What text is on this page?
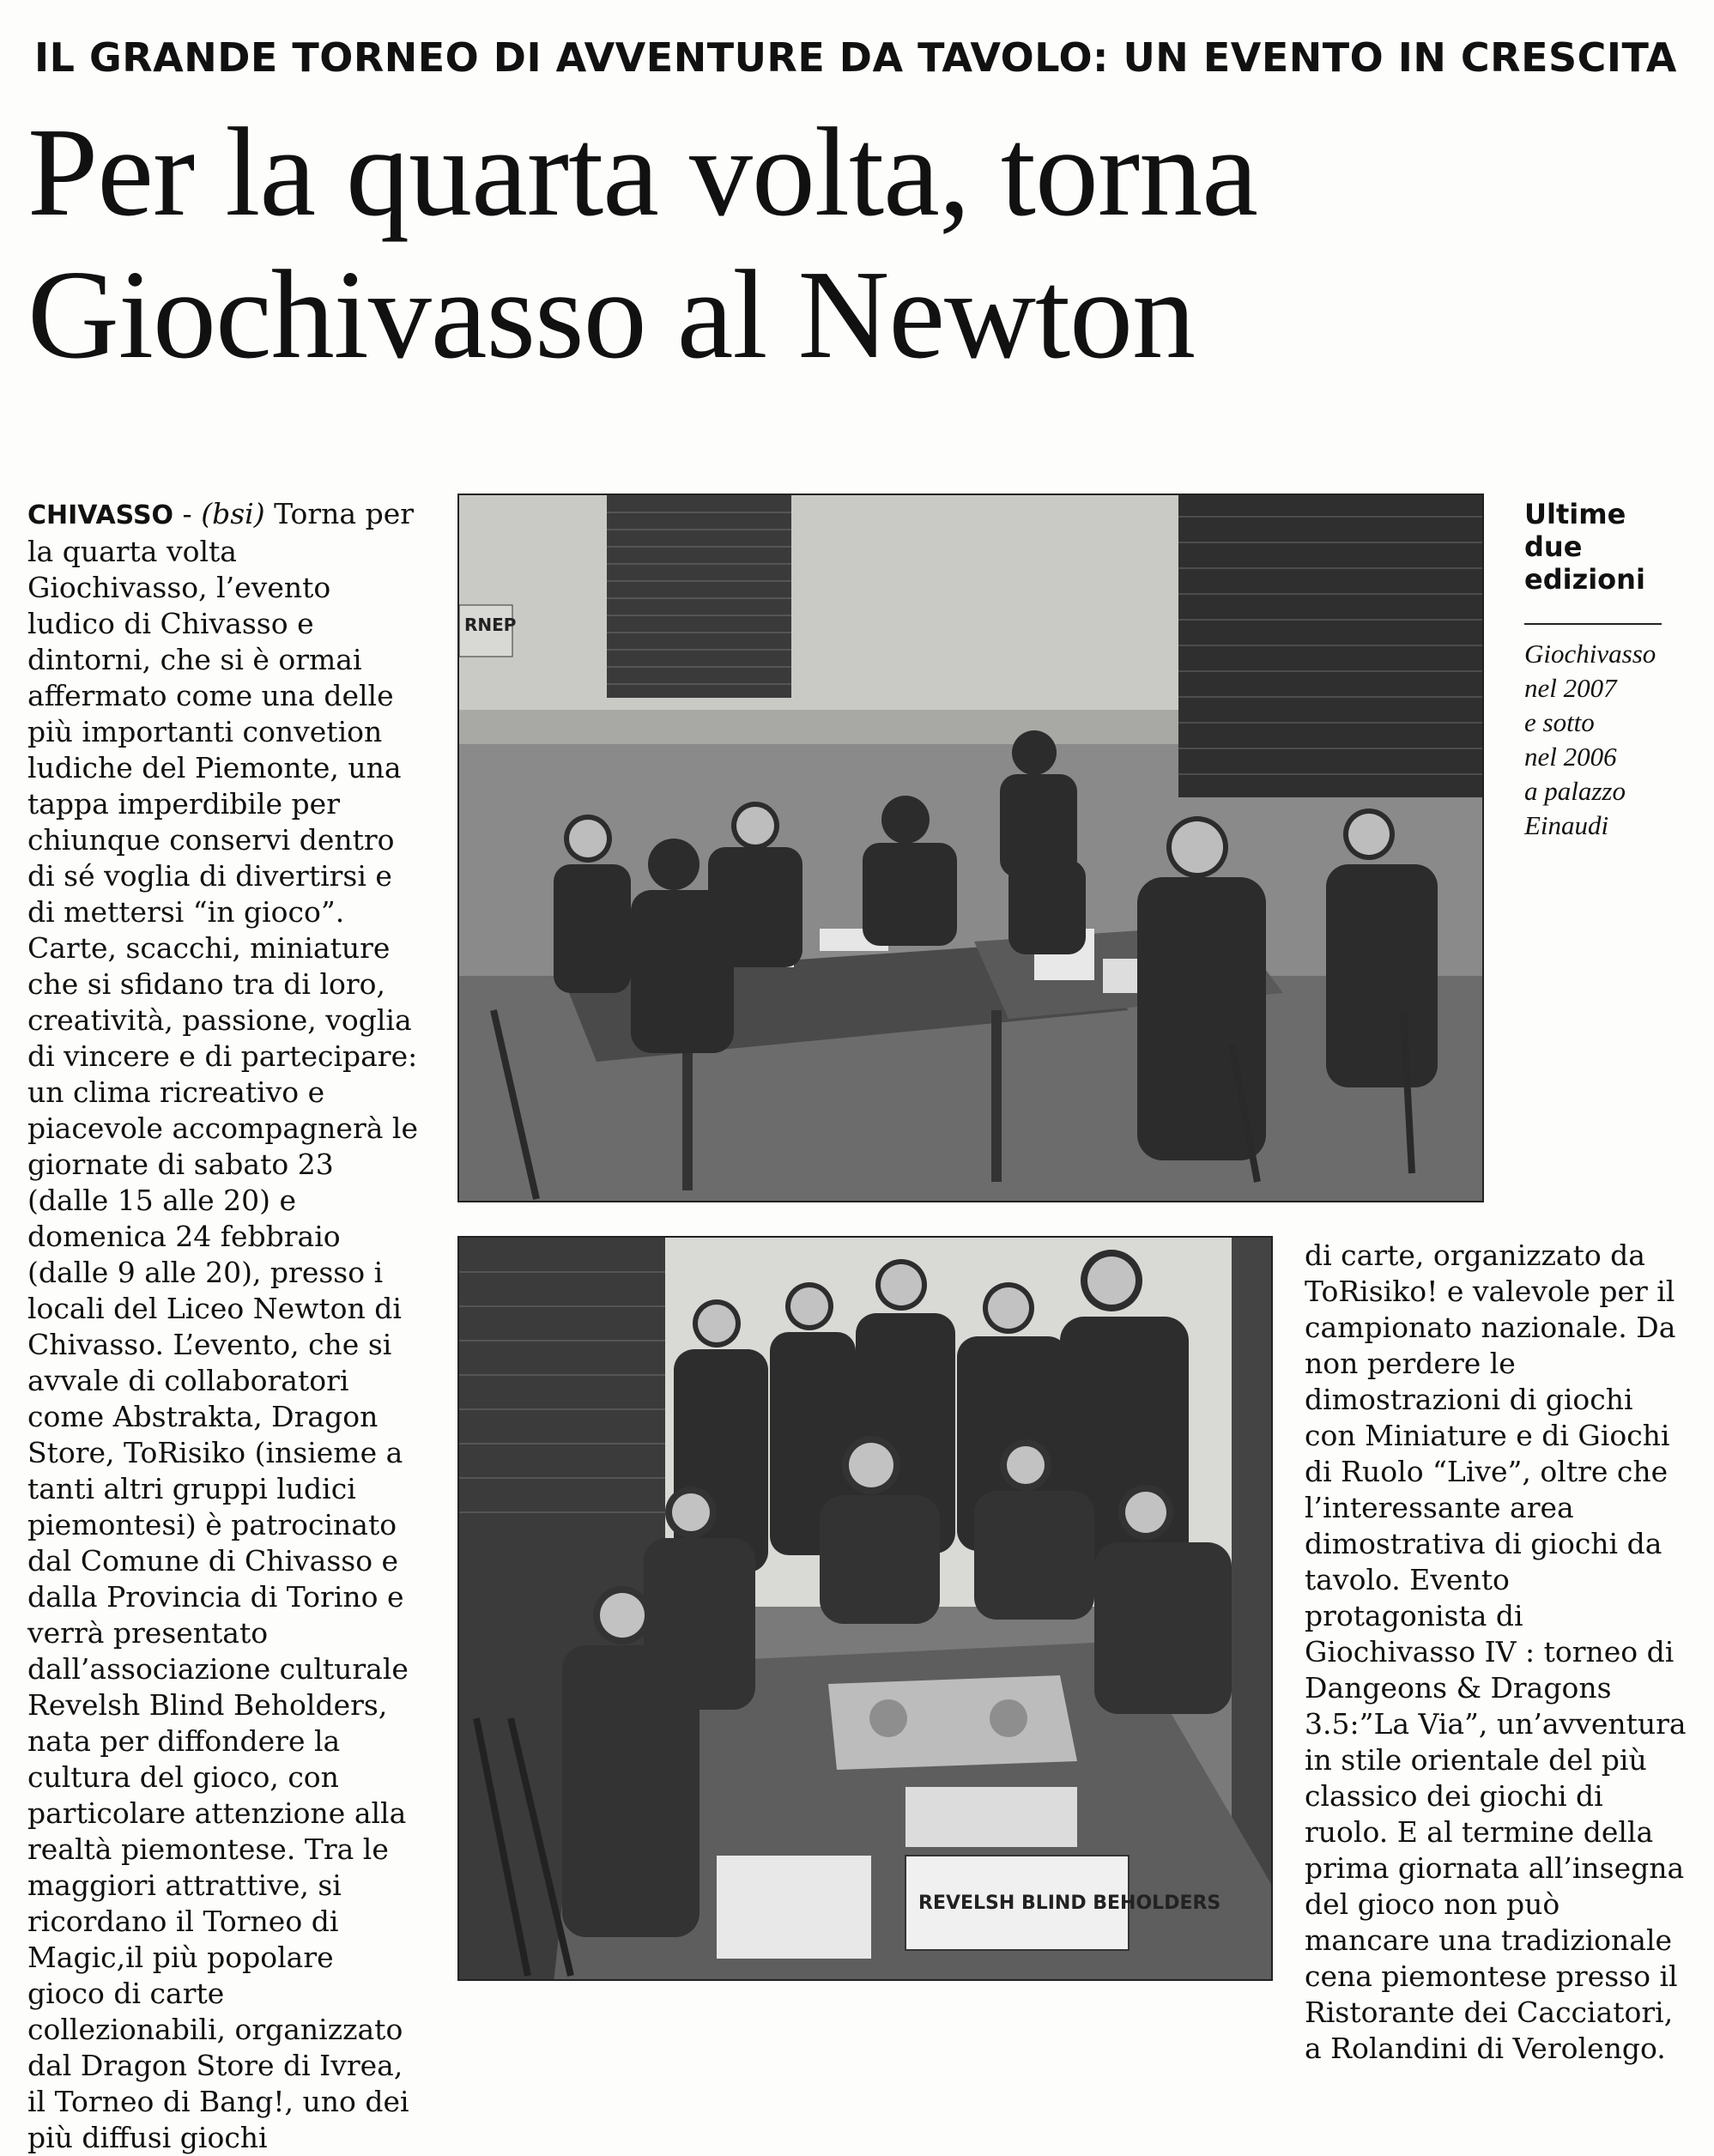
IL GRANDE TORNEO DI AVVENTURE DA TAVOLO: UN EVENTO IN CRESCITA
Per la quarta volta, torna
Giochivasso al Newton
CHIVASSO - (bsi) Torna per la quarta volta Giochivasso, l’evento ludico di Chivasso e dintorni, che si è ormai affermato come una delle più importanti convetion ludiche del Piemonte, una tappa imperdibile per chiunque conservi dentro di sé voglia di divertirsi e di mettersi “in gioco”. Carte, scacchi, miniature che si sfidano tra di loro, creatività, passione, voglia di vincere e di partecipare: un clima ricreativo e piacevole accompagnerà le giornate di sabato 23 (dalle 15 alle 20) e domenica 24 febbraio (dalle 9 alle 20), presso i locali del Liceo Newton di Chivasso. L’evento, che si avvale di collaboratori come Abstrakta, Dragon Store, ToRisiko (insieme a tanti altri gruppi ludici piemontesi) è patrocinato dal Comune di Chivasso e dalla Provincia di Torino e verrà presentato dall’associazione culturale Revelsh Blind Beholders, nata per diffondere la cultura del gioco, con particolare attenzione alla realtà piemontese. Tra le maggiori attrattive, si ricordano il Torneo di Magic,il più popolare gioco di carte collezionabili, organizzato dal Dragon Store di Ivrea, il Torneo di Bang!, uno dei più diffusi giochi
RNEP
Ultime
due
edizioni
Giochivasso
nel 2007
e sotto
nel 2006
a palazzo
Einaudi
REVELSH BLIND BEHOLDERS
di carte, organizzato da ToRisiko! e valevole per il campionato nazionale. Da non perdere le dimostrazioni di giochi con Miniature e di Giochi di Ruolo “Live”, oltre che l’interessante area dimostrativa di giochi da tavolo. Evento protagonista di Giochivasso IV : torneo di Dangeons & Dragons 3.5:”La Via”, un’avventura in stile orientale del più classico dei giochi di ruolo. E al termine della prima giornata all’insegna del gioco non può mancare una tradizionale cena piemontese presso il Ristorante dei Cacciatori, a Rolandini di Verolengo.
